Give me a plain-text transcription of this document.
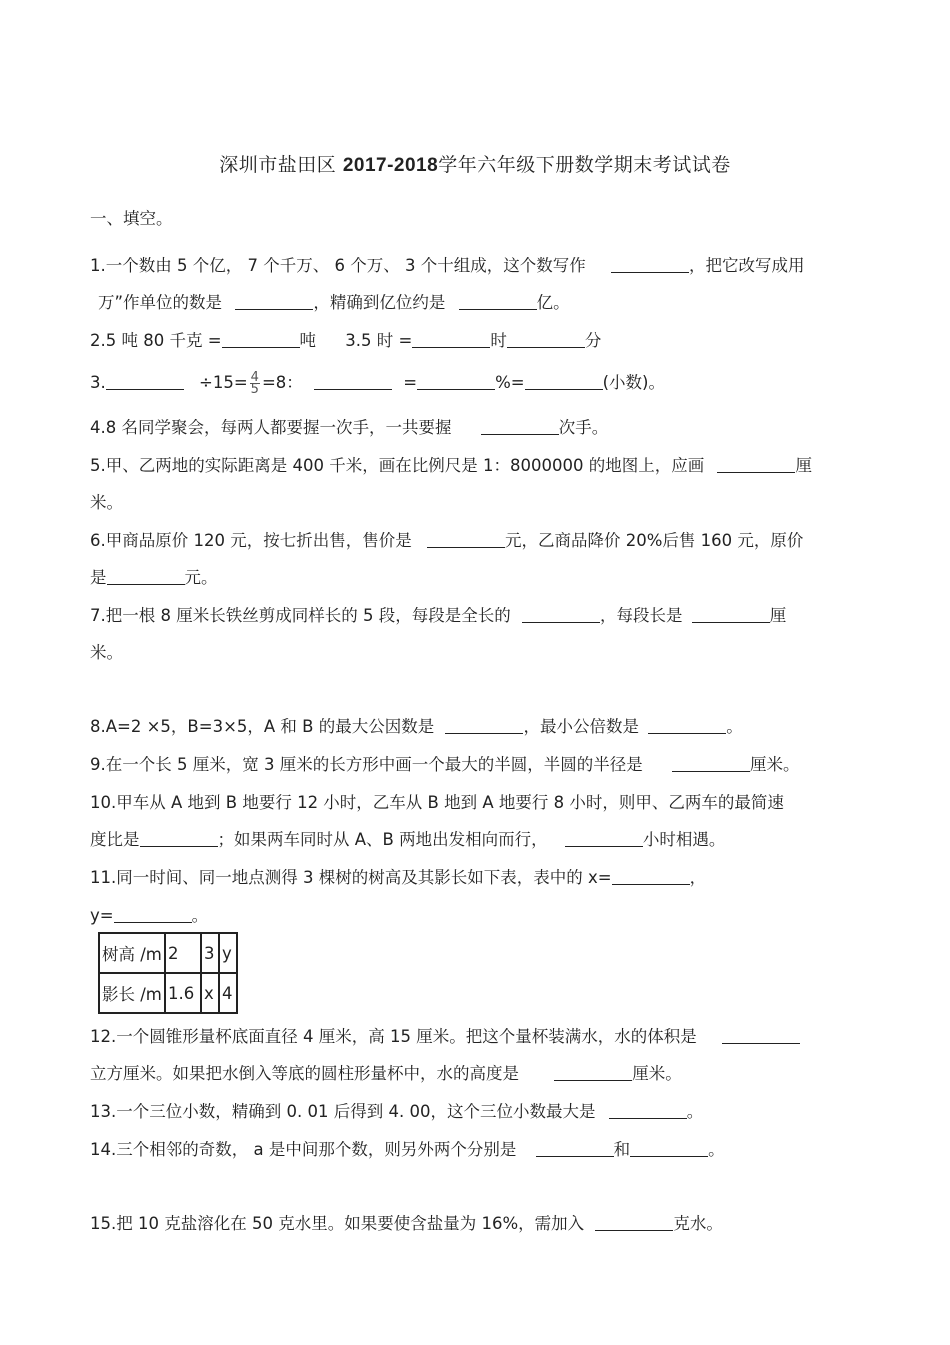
深圳市盐田区 2017-2018学年六年级下册数学期末考试试卷
一、填空。
1.一个数由 5 个亿， 7 个千万、 6 个万、 3 个十组成，这个数写作	，把它改写成用
万”作单位的数是	，精确到亿位约是	亿。
2.5 吨 80 千克 =	吨 3.5 时 =	时	分
3.	$\div 15= \frac{4}{5} =8$：	=	%=	(小数)。
4.8 名同学聚会，每两人都要握一次手，一共要握	次手。
5.甲、乙两地的实际距离是 400 千米，画在比例尺是 1：8000000 的地图上，应画	厘
米。
6.甲商品原价 120 元，按七折出售，售价是	元，乙商品降价 20%后售 160 元，原价
是	元。
7.把一根 8 厘米长铁丝剪成同样长的 5 段，每段是全长的	，每段长是	厘
米。
8.A=2 ×5，B=3×5，A 和 B 的最大公因数是	，最小公倍数是	。
9.在一个长 5 厘米，宽 3 厘米的长方形中画一个最大的半圆，半圆的半径是	厘米。
10.甲车从 A 地到 B 地要行 12 小时，乙车从 B 地到 A 地要行 8 小时，则甲、乙两车的最简速
度比是	；如果两车同时从 A、B 两地出发相向而行，	小时相遇。
11.同一时间、同一地点测得 3 棵树的树高及其影长如下表，表中的 x=	，
y=	。
树高 /m	2	3	y
影长 /m	1.6	x	4
12.一个圆锥形量杯底面直径 4 厘米，高 15 厘米。把这个量杯装满水，水的体积是
立方厘米。如果把水倒入等底的圆柱形量杯中，水的高度是	厘米。
13.一个三位小数，精确到 0. 01 后得到 4. 00，这个三位小数最大是	。
14.三个相邻的奇数， a 是中间那个数，则另外两个分别是	和	。
15.把 10 克盐溶化在 50 克水里。如果要使含盐量为 16%，需加入	克水。
